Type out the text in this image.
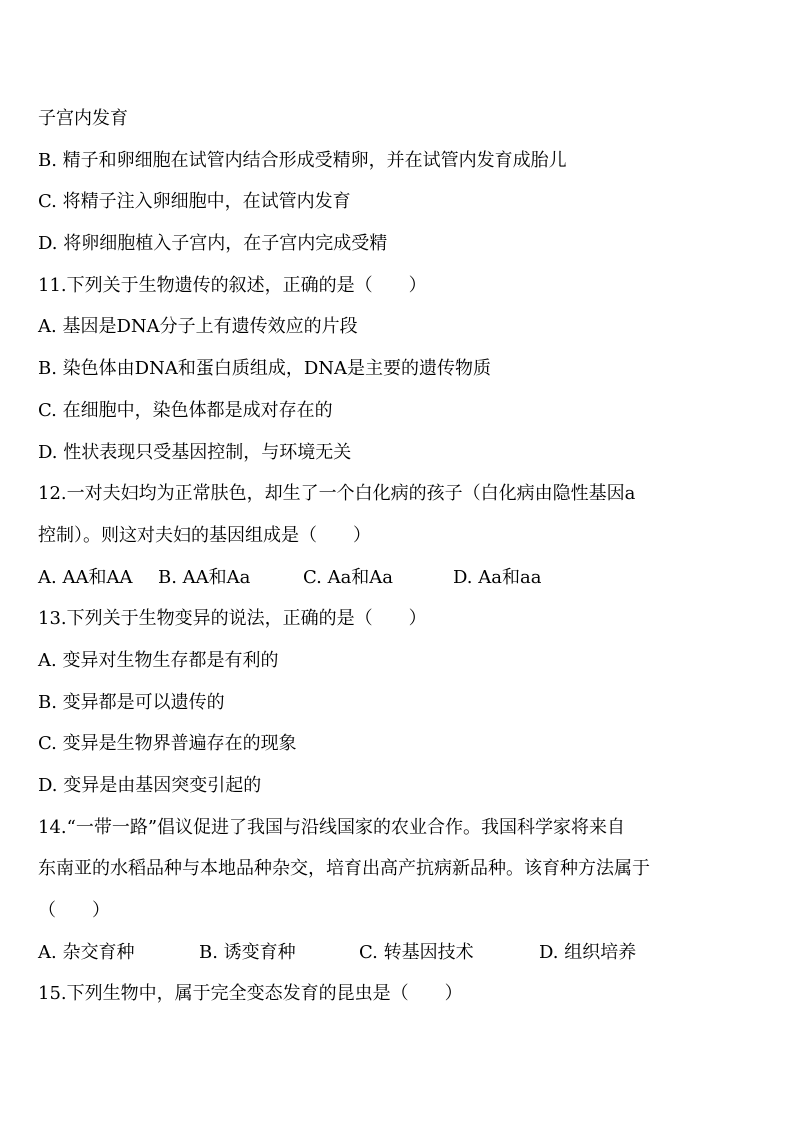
子宫内发育
B. 精子和卵细胞在试管内结合形成受精卵，并在试管内发育成胎儿
C. 将精子注入卵细胞中，在试管内发育
D. 将卵细胞植入子宫内，在子宫内完成受精
11.下列关于生物遗传的叙述，正确的是（　　）
A. 基因是DNA分子上有遗传效应的片段
B. 染色体由DNA和蛋白质组成，DNA是主要的遗传物质
C. 在细胞中，染色体都是成对存在的
D. 性状表现只受基因控制，与环境无关
12.一对夫妇均为正常肤色，却生了一个白化病的孩子（白化病由隐性基因a
控制）。则这对夫妇的基因组成是（　　）
A. AA和AA	B. AA和Aa	C. Aa和Aa	D. Aa和aa
13.下列关于生物变异的说法，正确的是（　　）
A. 变异对生物生存都是有利的
B. 变异都是可以遗传的
C. 变异是生物界普遍存在的现象
D. 变异是由基因突变引起的
14.“一带一路”倡议促进了我国与沿线国家的农业合作。我国科学家将来自
东南亚的水稻品种与本地品种杂交，培育出高产抗病新品种。该育种方法属于
（　　）
A. 杂交育种	B. 诱变育种	C. 转基因技术	D. 组织培养
15.下列生物中，属于完全变态发育的昆虫是（　　）
